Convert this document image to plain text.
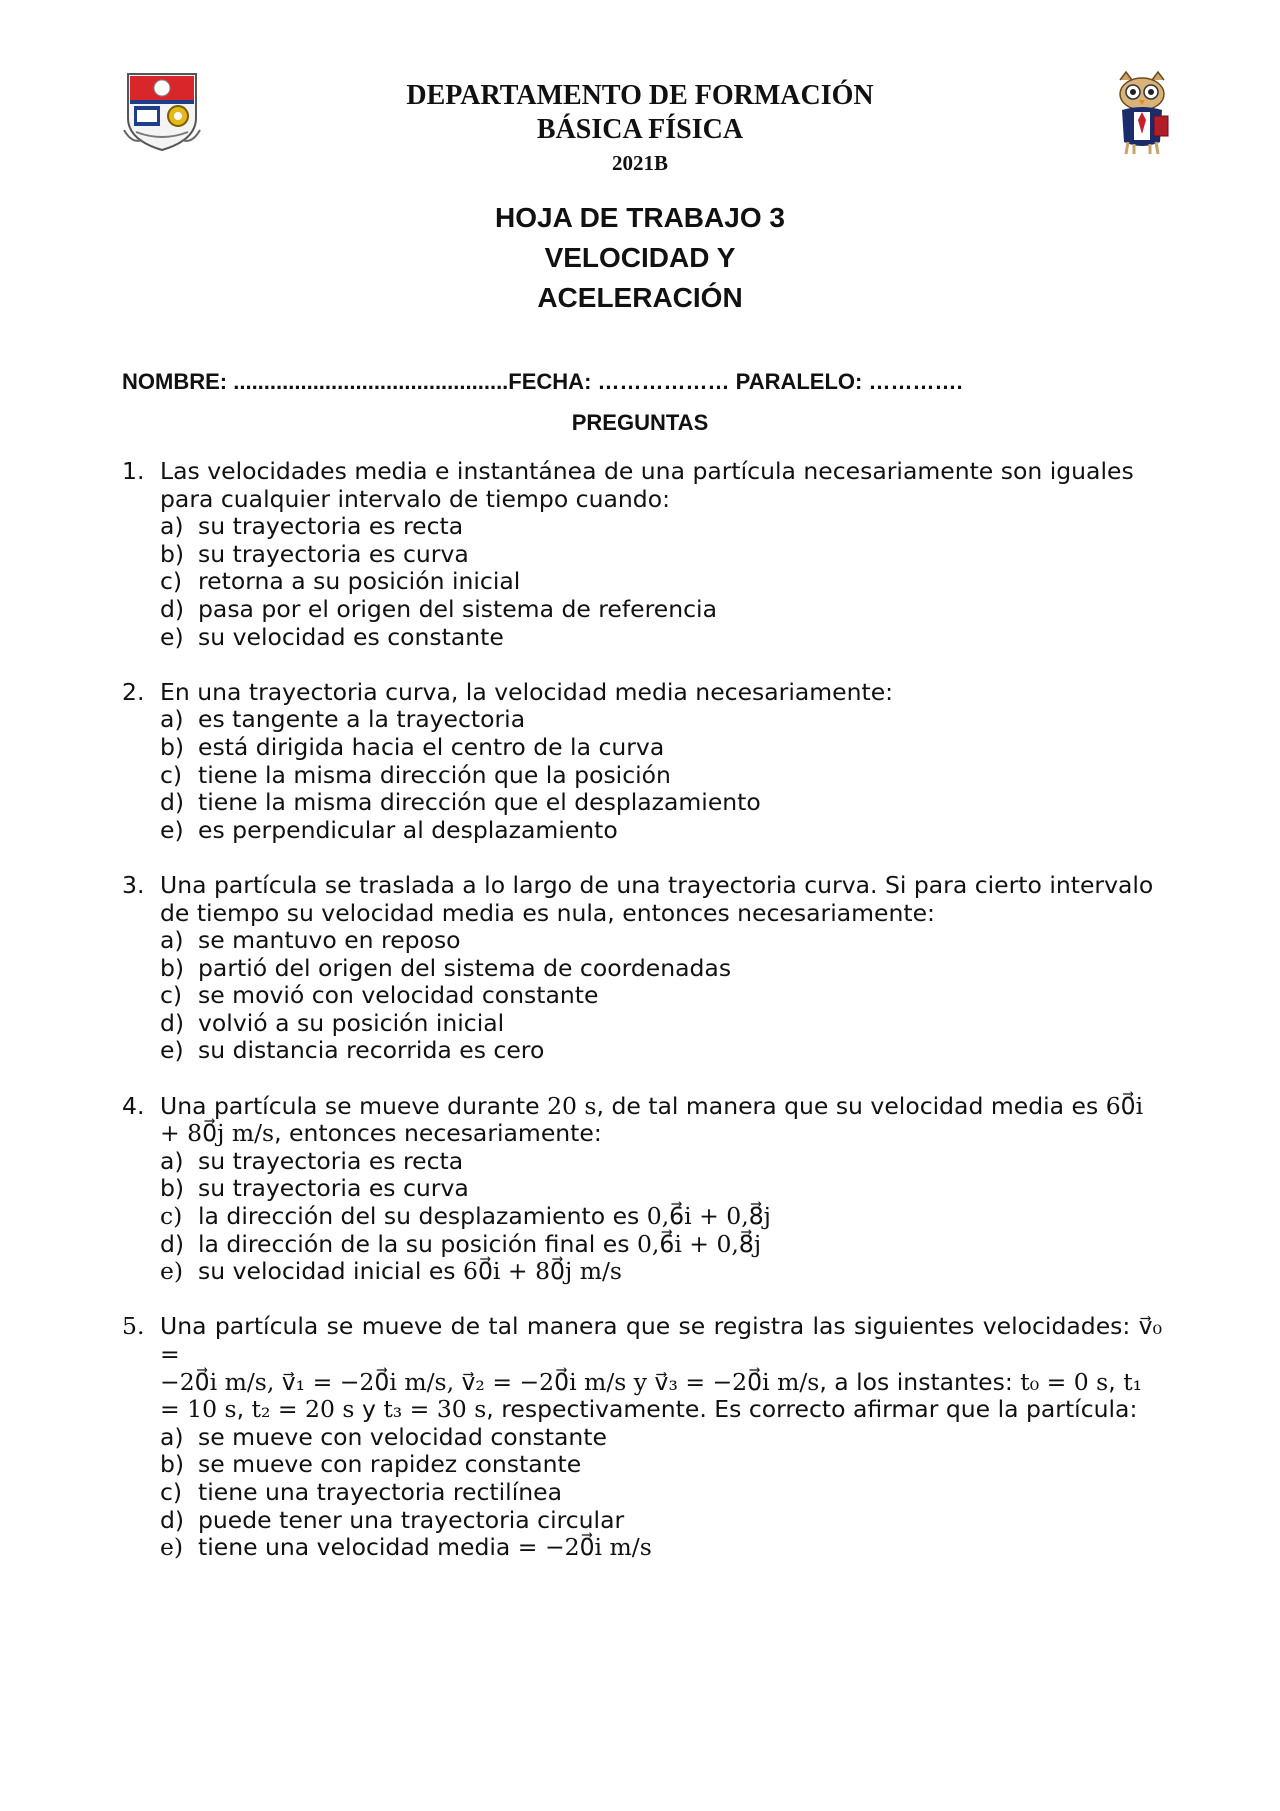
DEPARTAMENTO DE FORMACIÓN
BÁSICA FÍSICA
2021B
HOJA DE TRABAJO 3
VELOCIDAD Y
ACELERACIÓN
NOMBRE: .............................................FECHA: ……………… PARALELO: ………….
PREGUNTAS
1. Las velocidades media e instantánea de una partícula necesariamente son iguales para cualquier intervalo de tiempo cuando:
a) su trayectoria es recta
b) su trayectoria es curva
c) retorna a su posición inicial
d) pasa por el origen del sistema de referencia
e) su velocidad es constante
2. En una trayectoria curva, la velocidad media necesariamente:
a) es tangente a la trayectoria
b) está dirigida hacia el centro de la curva
c) tiene la misma dirección que la posición
d) tiene la misma dirección que el desplazamiento
e) es perpendicular al desplazamiento
3. Una partícula se traslada a lo largo de una trayectoria curva. Si para cierto intervalo de tiempo su velocidad media es nula, entonces necesariamente:
a) se mantuvo en reposo
b) partió del origen del sistema de coordenadas
c) se movió con velocidad constante
d) volvió a su posición inicial
e) su distancia recorrida es cero
4. Una partícula se mueve durante 20 s, de tal manera que su velocidad media es 60⃗i + 80⃗j m/s, entonces necesariamente:
a) su trayectoria es recta
b) su trayectoria es curva
c) la dirección del su desplazamiento es 0,6⃗i + 0,8⃗j
d) la dirección de la su posición final es 0,6⃗i + 0,8⃗j
e) su velocidad inicial es 60⃗i + 80⃗j m/s
5. Una partícula se mueve de tal manera que se registra las siguientes velocidades: v⃗₀ =
−20⃗i m/s, v⃗₁ = −20⃗i m/s, v⃗₂ = −20⃗i m/s y v⃗₃ = −20⃗i m/s, a los instantes: t₀ = 0 s, t₁ = 10 s, t₂ = 20 s y t₃ = 30 s, respectivamente. Es correcto afirmar que la partícula:
a) se mueve con velocidad constante
b) se mueve con rapidez constante
c) tiene una trayectoria rectilínea
d) puede tener una trayectoria circular
e) tiene una velocidad media = −20⃗i m/s
